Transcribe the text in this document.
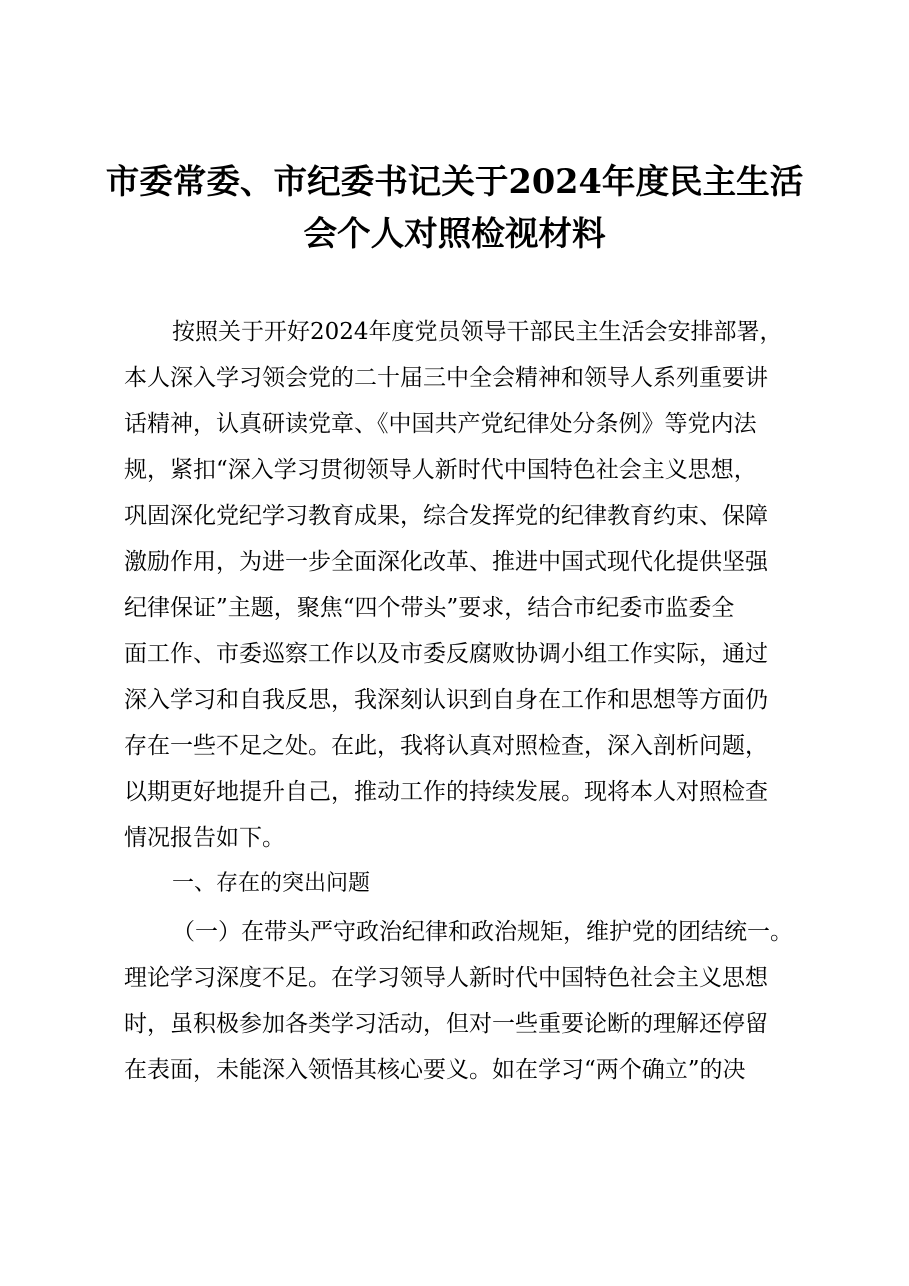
市委常委、市纪委书记关于2024年度民主生活
会个人对照检视材料

按照关于开好2024年度党员领导干部民主生活会安排部署，

本人深入学习领会党的二十届三中全会精神和领导人系列重要讲

话精神，认真研读党章、《中国共产党纪律处分条例》等党内法

规，紧扣“深入学习贯彻领导人新时代中国特色社会主义思想，

巩固深化党纪学习教育成果，综合发挥党的纪律教育约束、保障

激励作用，为进一步全面深化改革、推进中国式现代化提供坚强

纪律保证”主题，聚焦“四个带头”要求，结合市纪委市监委全

面工作、市委巡察工作以及市委反腐败协调小组工作实际，通过

深入学习和自我反思，我深刻认识到自身在工作和思想等方面仍

存在一些不足之处。在此，我将认真对照检查，深入剖析问题，

以期更好地提升自己，推动工作的持续发展。现将本人对照检查

情况报告如下。

一、存在的突出问题

（一）在带头严守政治纪律和政治规矩，维护党的团结统一。

理论学习深度不足。在学习领导人新时代中国特色社会主义思想

时，虽积极参加各类学习活动，但对一些重要论断的理解还停留

在表面，未能深入领悟其核心要义。如在学习“两个确立”的决
